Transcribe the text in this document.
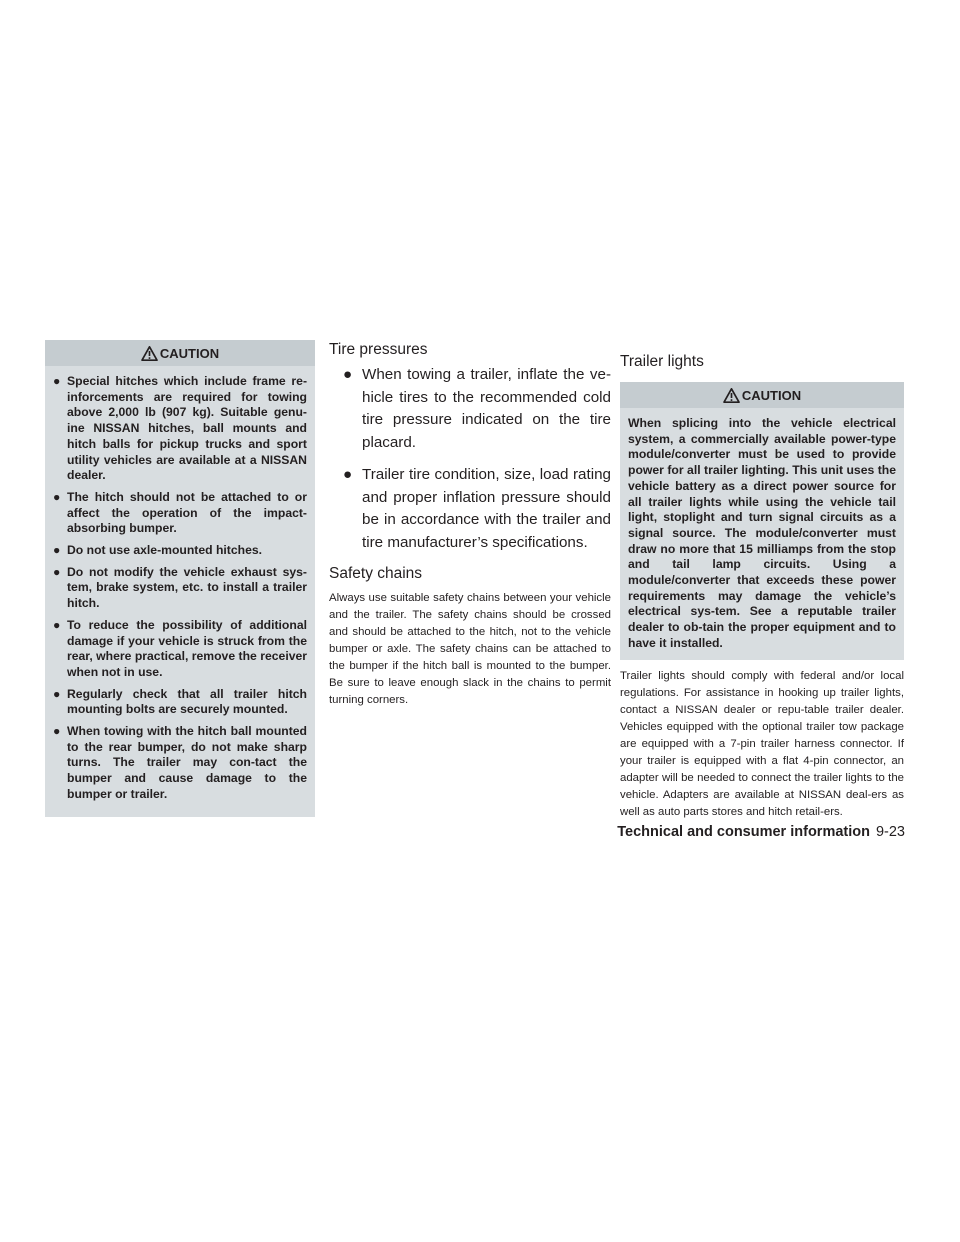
CAUTION
● Special hitches which include frame re-inforcements are required for towing above 2,000 lb (907 kg). Suitable genu-ine NISSAN hitches, ball mounts and hitch balls for pickup trucks and sport utility vehicles are available at a NISSAN dealer.
● The hitch should not be attached to or affect the operation of the impact-absorbing bumper.
● Do not use axle-mounted hitches.
● Do not modify the vehicle exhaust sys-tem, brake system, etc. to install a trailer hitch.
● To reduce the possibility of additional damage if your vehicle is struck from the rear, where practical, remove the receiver when not in use.
● Regularly check that all trailer hitch mounting bolts are securely mounted.
● When towing with the hitch ball mounted to the rear bumper, do not make sharp turns. The trailer may con-tact the bumper and cause damage to the bumper or trailer.
Tire pressures
● When towing a trailer, inflate the ve-hicle tires to the recommended cold tire pressure indicated on the tire placard.
● Trailer tire condition, size, load rating and proper inflation pressure should be in accordance with the trailer and tire manufacturer’s specifications.
Safety chains

Always use suitable safety chains between your vehicle and the trailer. The safety chains should be crossed and should be attached to the hitch, not to the vehicle bumper or axle. The safety chains can be attached to the bumper if the hitch ball is mounted to the bumper. Be sure to leave enough slack in the chains to permit turning corners.

Trailer lights
CAUTION

When splicing into the vehicle electrical system, a commercially available power-type module/converter must be used to provide power for all trailer lighting. This unit uses the vehicle battery as a direct power source for all trailer lights while using the vehicle tail light, stoplight and turn signal circuits as a signal source. The module/converter must draw no more that 15 milliamps from the stop and tail lamp circuits. Using a module/converter that exceeds these power requirements may damage the vehicle’s electrical sys-tem. See a reputable trailer dealer to ob-tain the proper equipment and to have it installed.

Trailer lights should comply with federal and/or local regulations. For assistance in hooking up trailer lights, contact a NISSAN dealer or repu-table trailer dealer. Vehicles equipped with the optional trailer tow package are equipped with a 7-pin trailer harness connector. If your trailer is equipped with a flat 4-pin connector, an adapter will be needed to connect the trailer lights to the vehicle. Adapters are available at NISSAN deal-ers as well as auto parts stores and hitch retail-ers.

Technical and consumer information 9-23
